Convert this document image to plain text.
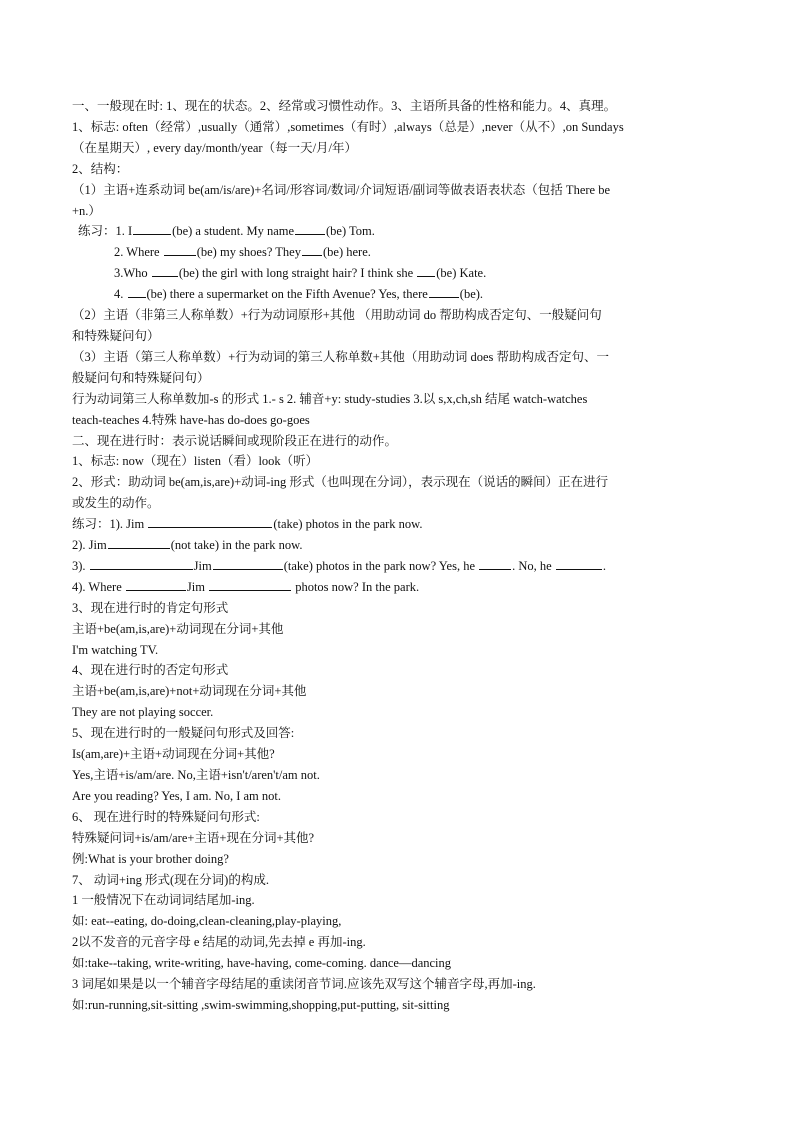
一、一般现在时: 1、现在的状态。2、经常或习惯性动作。3、主语所具备的性格和能力。4、真理。
1、标志: often（经常）,usually（通常）,sometimes（有时）,always（总是）,never（从不）,on Sundays
（在星期天）, every day/month/year（每一天/月/年）
2、结构：
（1）主语+连系动词 be(am/is/are)+名词/形容词/数词/介词短语/副词等做表语表状态（包括 There be
+n.）
练习：1. I	(be) a student. My name	(be) Tom.
2. Where	(be) my shoes? They (be) here.
3.Who (be) the girl with long straight hair? I think she (be) Kate.
4. (be) there a supermarket on the Fifth Avenue? Yes, there	(be).
（2）主语（非第三人称单数）+行为动词原形+其他 （用助动词 do 帮助构成否定句、一般疑问句
和特殊疑问句）
（3）主语（第三人称单数）+行为动词的第三人称单数+其他（用助动词 does 帮助构成否定句、一
般疑问句和特殊疑问句）
行为动词第三人称单数加-s 的形式 1.- s 2. 辅音+y: study-studies 3.以 s,x,ch,sh 结尾 watch-watches
teach-teaches 4.特殊 have-has do-does go-goes
二、现在进行时：表示说话瞬间或现阶段正在进行的动作。
1、标志: now（现在）listen（看）look（听）
2、形式：助动词 be(am,is,are)+动词-ing 形式（也叫现在分词），表示现在（说话的瞬间）正在进行
或发生的动作。
练习：1). Jim	(take) photos in the park now.
2). Jim	(not take) in the park now.
3).	Jim	(take) photos in the park now? Yes, he	. No, he	.
4). Where	Jim	photos now? In the park.
3、现在进行时的肯定句形式
主语+be(am,is,are)+动词现在分词+其他
I'm watching TV.
4、现在进行时的否定句形式
主语+be(am,is,are)+not+动词现在分词+其他
They are not playing soccer.
5、现在进行时的一般疑问句形式及回答:
Is(am,are)+主语+动词现在分词+其他?
Yes,主语+is/am/are. No,主语+isn't/aren't/am not.
Are you reading? Yes, I am. No, I am not.
6、 现在进行时的特殊疑问句形式:
特殊疑问词+is/am/are+主语+现在分词+其他?
例:What is your brother doing?
7、 动词+ing 形式(现在分词)的构成.
1 一般情况下在动词词结尾加-ing.
如: eat--eating, do-doing,clean-cleaning,play-playing,
2以不发音的元音字母 e 结尾的动词,先去掉 e 再加-ing.
如:take--taking, write-writing, have-having, come-coming. dance—dancing
3 词尾如果是以一个辅音字母结尾的重读闭音节词.应该先双写这个辅音字母,再加-ing.
如:run-running,sit-sitting ,swim-swimming,shopping,put-putting, sit-sitting
